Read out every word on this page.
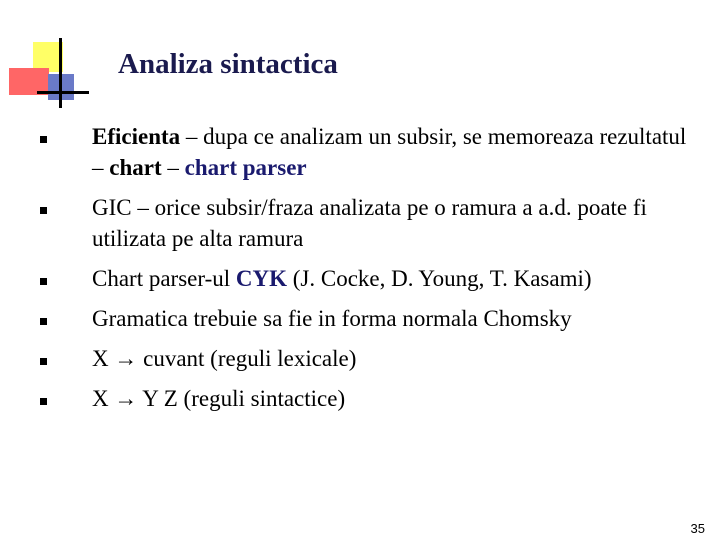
Analiza sintactica
Eficienta – dupa ce analizam un subsir, se memoreaza rezultatul – chart – chart parser
GIC – orice subsir/fraza analizata pe o ramura a a.d. poate fi utilizata pe alta ramura
Chart parser-ul CYK (J. Cocke, D. Young, T. Kasami)
Gramatica trebuie sa fie in forma normala Chomsky
X → cuvant (reguli lexicale)
X → Y Z (reguli sintactice)
35
